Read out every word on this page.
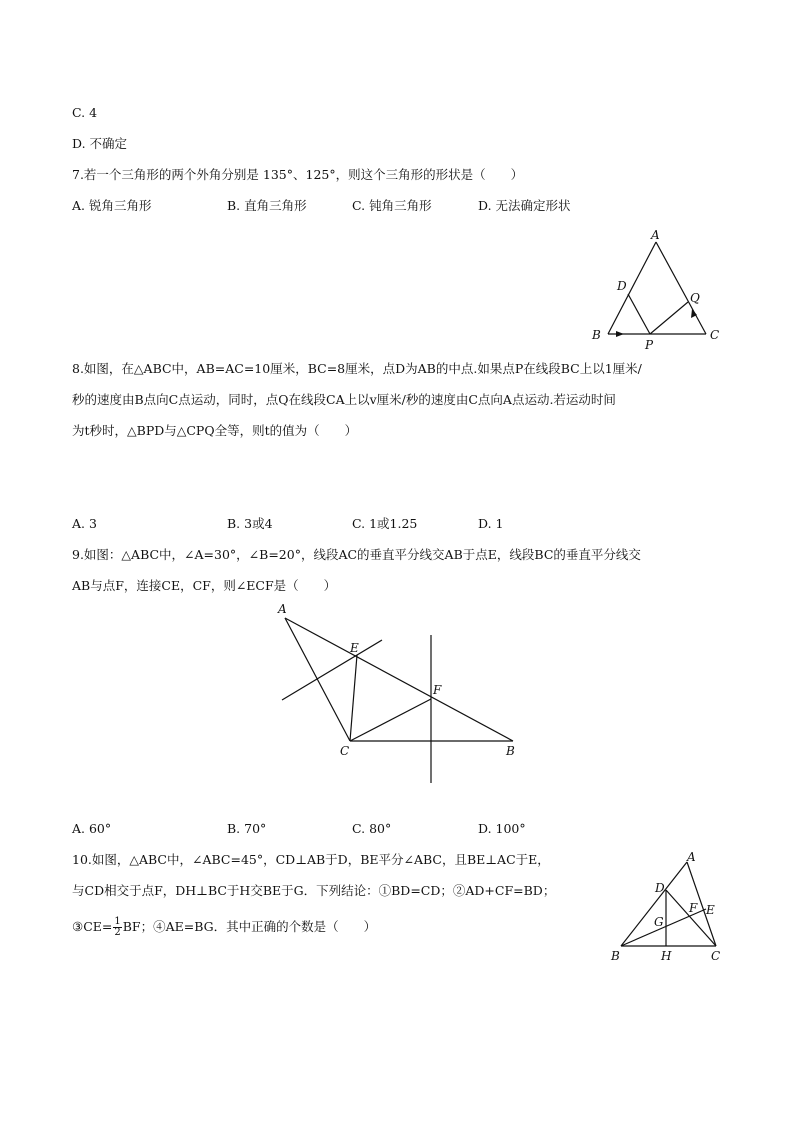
C. 4
D. 不确定
7.若一个三角形的两个外角分别是 135°、125°，则这个三角形的形状是（　　）
A. 锐角三角形	B. 直角三角形	C. 钝角三角形	D. 无法确定形状
A
D
Q
B	C
P
8.如图，在△ABC中，AB=AC=10厘米，BC=8厘米，点D为AB的中点.如果点P在线段BC上以1厘米/
秒的速度由B点向C点运动，同时，点Q在线段CA上以v厘米/秒的速度由C点向A点运动.若运动时间
为t秒时，△BPD与△CPQ全等，则t的值为（　　）
A. 3	B. 3或4	C. 1或1.25	D. 1
9.如图：△ABC中，∠A=30°，∠B=20°，线段AC的垂直平分线交AB于点E，线段BC的垂直平分线交
AB与点F，连接CE，CF，则∠ECF是（　　）
A
E
F
C	B
A. 60°	B. 70°	C. 80°	D. 100°
10.如图，△ABC中，∠ABC=45°，CD⊥AB于D，BE平分∠ABC，且BE⊥AC于E，
与CD相交于点F，DH⊥BC于H交BE于G．下列结论：①BD=CD；②AD+CF=BD；
③CE= $\frac{1}{2}$ BF；④AE=BG．其中正确的个数是（　　）
A
D
F E
G
B	H	C
